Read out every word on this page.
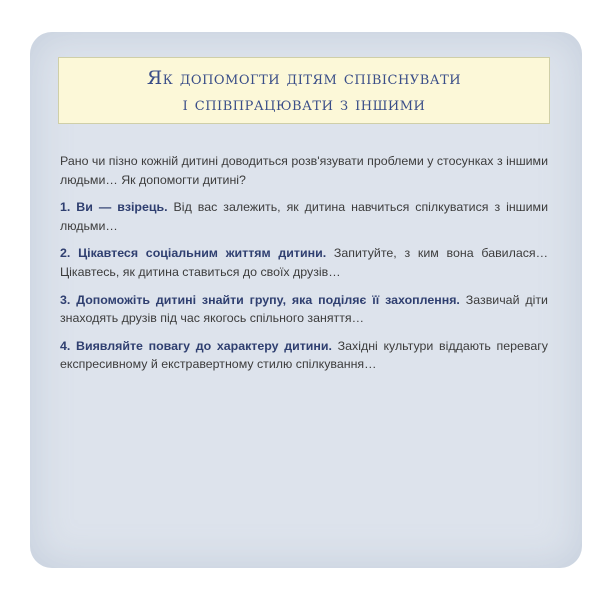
Як допомогти дітям співіснувати
і співпрацювати з іншими

Рано чи пізно кожній дитині доводиться розв'язувати проблеми у стосунках з іншими людьми… Як допомогти дитині?

1. Ви — взірець. Від вас залежить, як дитина навчиться спілкуватися з іншими людьми…

2. Цікавтеся соціальним життям дитини. Запитуйте, з ким вона бавилася… Цікавтесь, як дитина ставиться до своїх друзів…

3. Допоможіть дитині знайти групу, яка поділяє її захоплення. Зазвичай діти знаходять друзів під час якогось спільного заняття…

4. Виявляйте повагу до характеру дитини. Західні культури віддають перевагу експресивному й екстравертному стилю спілкування…
